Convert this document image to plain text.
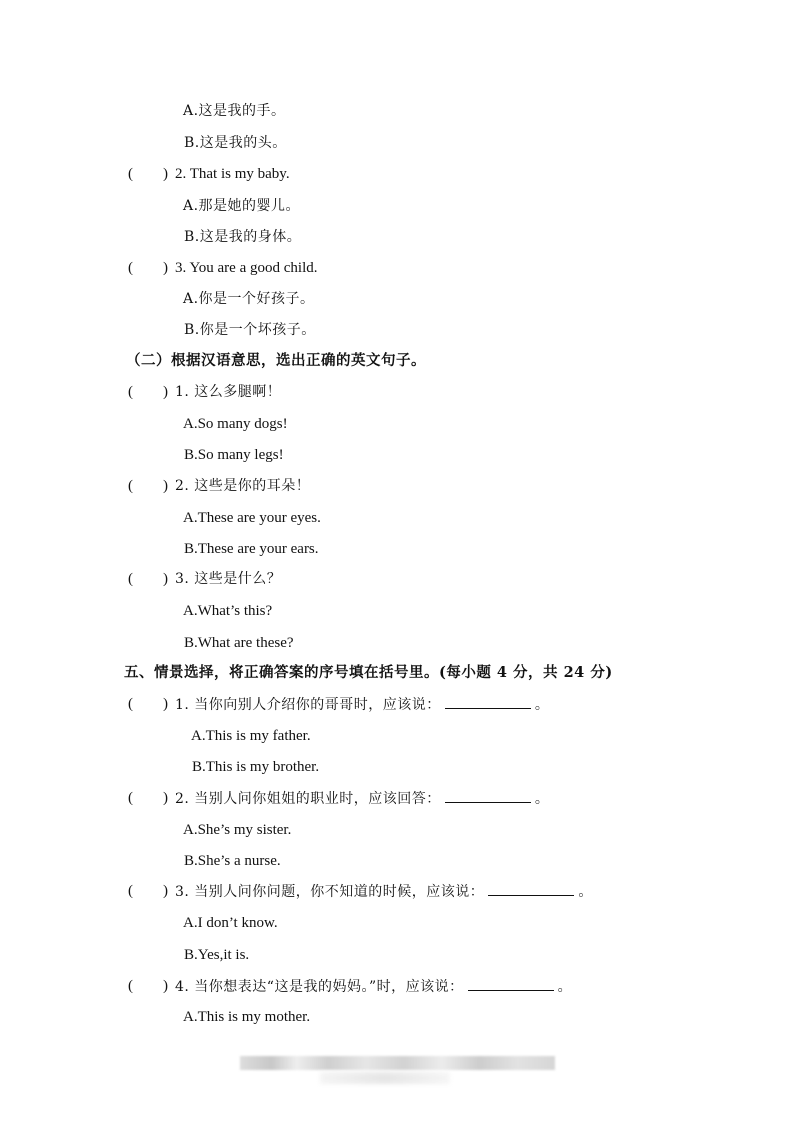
A.这是我的手。
B.这是我的头。
(　　) 2. That is my baby.
A.那是她的婴儿。
B.这是我的身体。
(　　) 3. You are a good child.
A.你是一个好孩子。
B.你是一个坏孩子。
（二）根据汉语意思，选出正确的英文句子。
(　　) 1. 这么多腿啊！
A.So many dogs!
B.So many legs!
(　　) 2. 这些是你的耳朵！
A.These are your eyes.
B.These are your ears.
(　　) 3. 这些是什么？
A.What’s this?
B.What are these?
五、情景选择，将正确答案的序号填在括号里。(每小题 4 分，共 24 分)
(　　) 1. 当你向别人介绍你的哥哥时，应该说：	。
A.This is my father.
B.This is my brother.
(　　) 2. 当别人问你姐姐的职业时，应该回答：	。
A.She’s my sister.
B.She’s a nurse.
(　　) 3. 当别人问你问题，你不知道的时候，应该说：	。
A.I don’t know.
B.Yes,it is.
(　　) 4. 当你想表达“这是我的妈妈。”时，应该说：	。
A.This is my mother.
